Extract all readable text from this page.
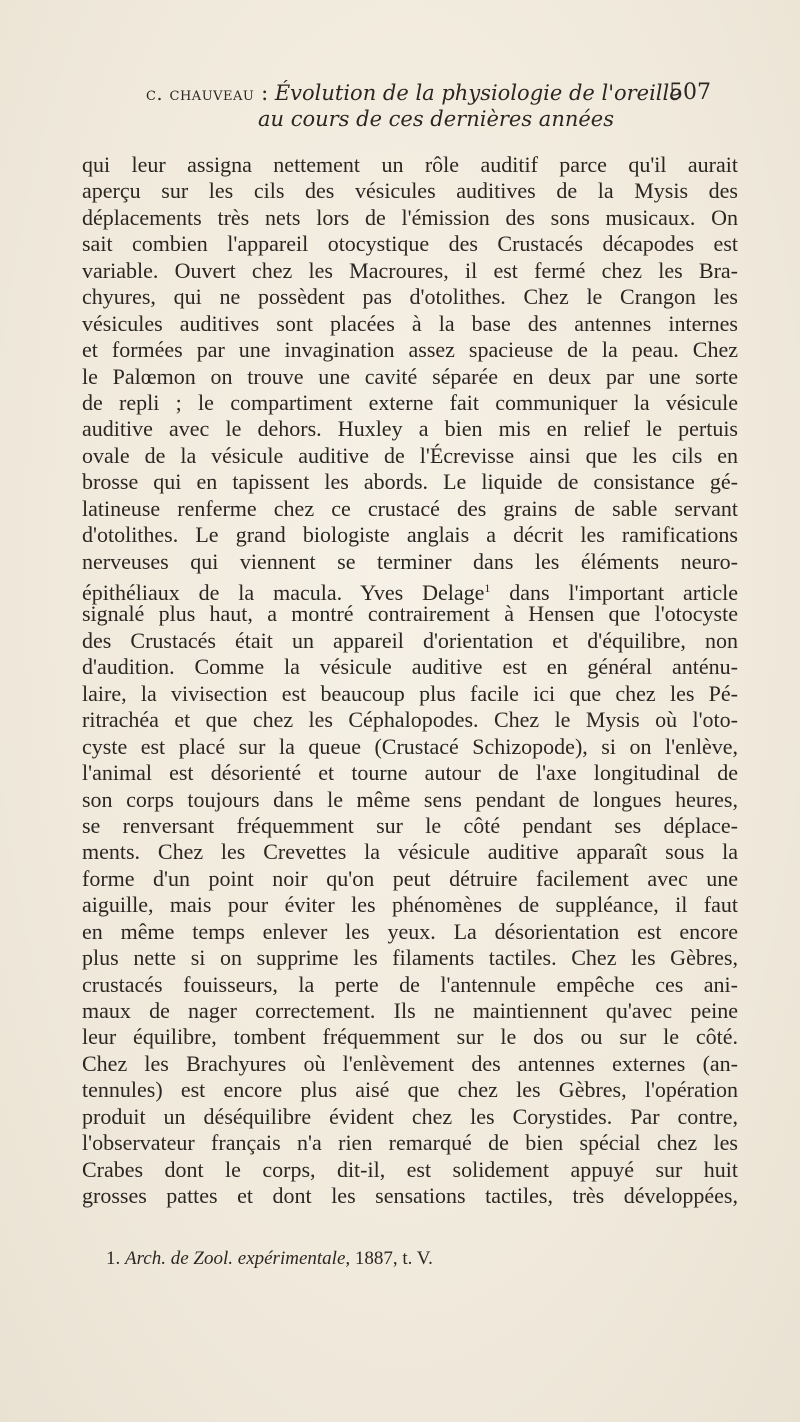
c. chauveau : Évolution de la physiologie de l'oreille
507
au cours de ces dernières années
qui leur assigna nettement un rôle auditif parce qu'il aurait
aperçu sur les cils des vésicules auditives de la Mysis des
déplacements très nets lors de l'émission des sons musicaux. On
sait combien l'appareil otocystique des Crustacés décapodes est
variable. Ouvert chez les Macroures, il est fermé chez les Bra-
chyures, qui ne possèdent pas d'otolithes. Chez le Crangon les
vésicules auditives sont placées à la base des antennes internes
et formées par une invagination assez spacieuse de la peau. Chez
le Palœmon on trouve une cavité séparée en deux par une sorte
de repli ; le compartiment externe fait communiquer la vésicule
auditive avec le dehors. Huxley a bien mis en relief le pertuis
ovale de la vésicule auditive de l'Écrevisse ainsi que les cils en
brosse qui en tapissent les abords. Le liquide de consistance gé-
latineuse renferme chez ce crustacé des grains de sable servant
d'otolithes. Le grand biologiste anglais a décrit les ramifications
nerveuses qui viennent se terminer dans les éléments neuro-
épithéliaux de la macula. Yves Delage$^1$ dans l'important article
signalé plus haut, a montré contrairement à Hensen que l'otocyste
des Crustacés était un appareil d'orientation et d'équilibre, non
d'audition. Comme la vésicule auditive est en général anténu-
laire, la vivisection est beaucoup plus facile ici que chez les Pé-
ritrachéa et que chez les Céphalopodes. Chez le Mysis où l'oto-
cyste est placé sur la queue (Crustacé Schizopode), si on l'enlève,
l'animal est désorienté et tourne autour de l'axe longitudinal de
son corps toujours dans le même sens pendant de longues heures,
se renversant fréquemment sur le côté pendant ses déplace-
ments. Chez les Crevettes la vésicule auditive apparaît sous la
forme d'un point noir qu'on peut détruire facilement avec une
aiguille, mais pour éviter les phénomènes de suppléance, il faut
en même temps enlever les yeux. La désorientation est encore
plus nette si on supprime les filaments tactiles. Chez les Gèbres,
crustacés fouisseurs, la perte de l'antennule empêche ces ani-
maux de nager correctement. Ils ne maintiennent qu'avec peine
leur équilibre, tombent fréquemment sur le dos ou sur le côté.
Chez les Brachyures où l'enlèvement des antennes externes (an-
tennules) est encore plus aisé que chez les Gèbres, l'opération
produit un déséquilibre évident chez les Corystides. Par contre,
l'observateur français n'a rien remarqué de bien spécial chez les
Crabes dont le corps, dit-il, est solidement appuyé sur huit
grosses pattes et dont les sensations tactiles, très développées,
1. Arch. de Zool. expérimentale, 1887, t. V.
